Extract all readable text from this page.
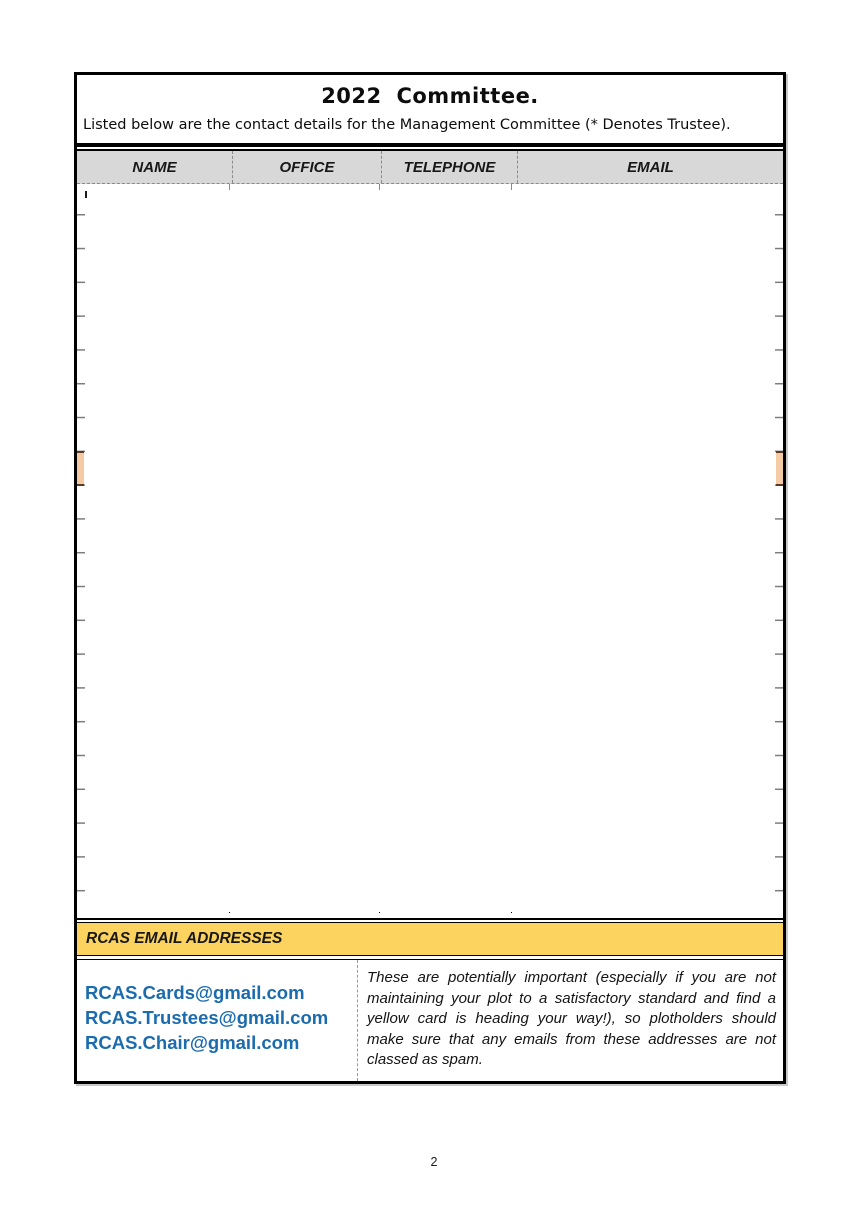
2022 Committee.
Listed below are the contact details for the Management Committee (* Denotes Trustee).
NAME	OFFICE	TELEPHONE	EMAIL
RCAS EMAIL ADDRESSES
RCAS.Cards@gmail.com
RCAS.Trustees@gmail.com
RCAS.Chair@gmail.com
These are potentially important (especially if you are not maintaining your plot to a satisfactory standard and find a yellow card is heading your way!), so plotholders should make sure that any emails from these addresses are not classed as spam.
2
